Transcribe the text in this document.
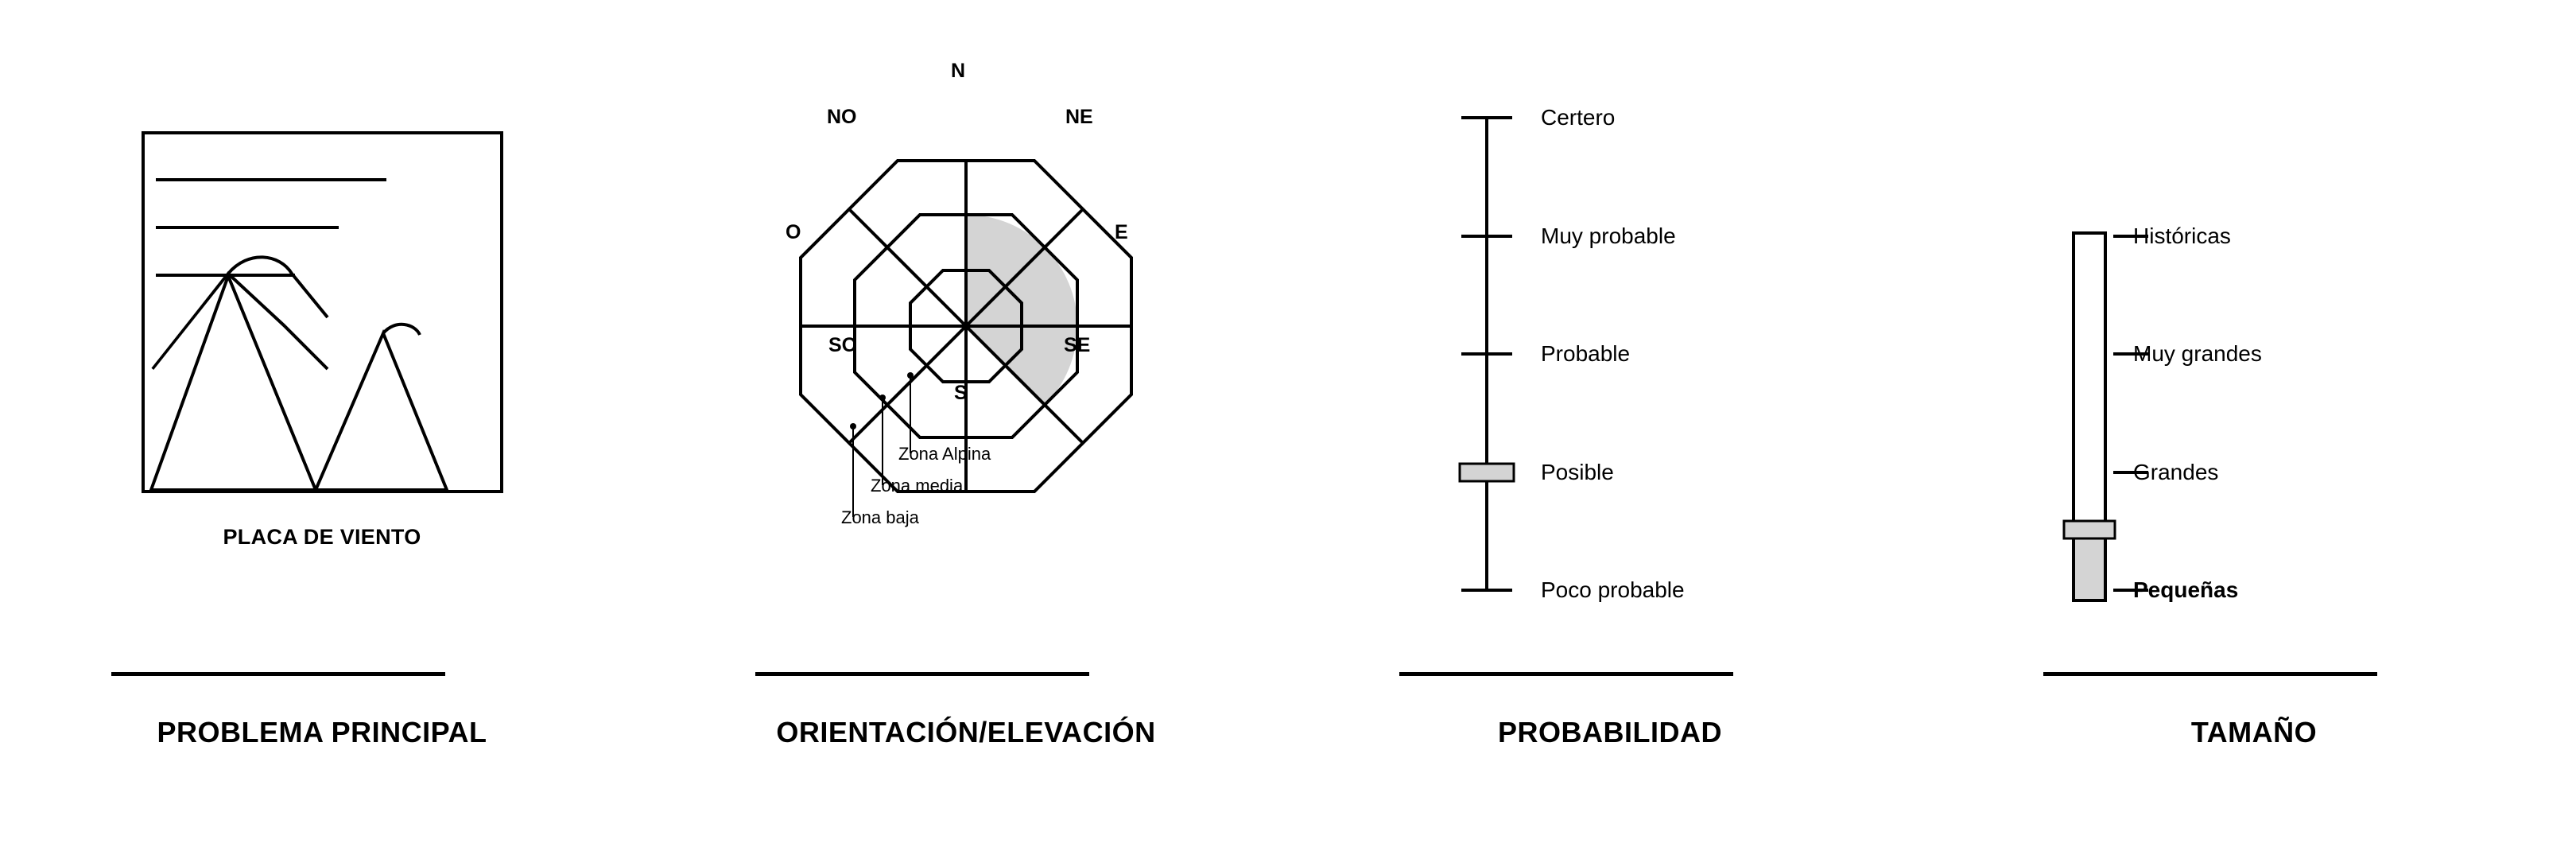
PLACA DE VIENTO
PROBLEMA PRINCIPAL
N
NE
E
SE
S
SO
O
NO
Zona Alpina
Zona media
Zona baja
ORIENTACIÓN/ELEVACIÓN
Certero
Muy probable
Probable
Posible
Poco probable
PROBABILIDAD
Históricas
Muy grandes
Grandes
Pequeñas
TAMAÑO
